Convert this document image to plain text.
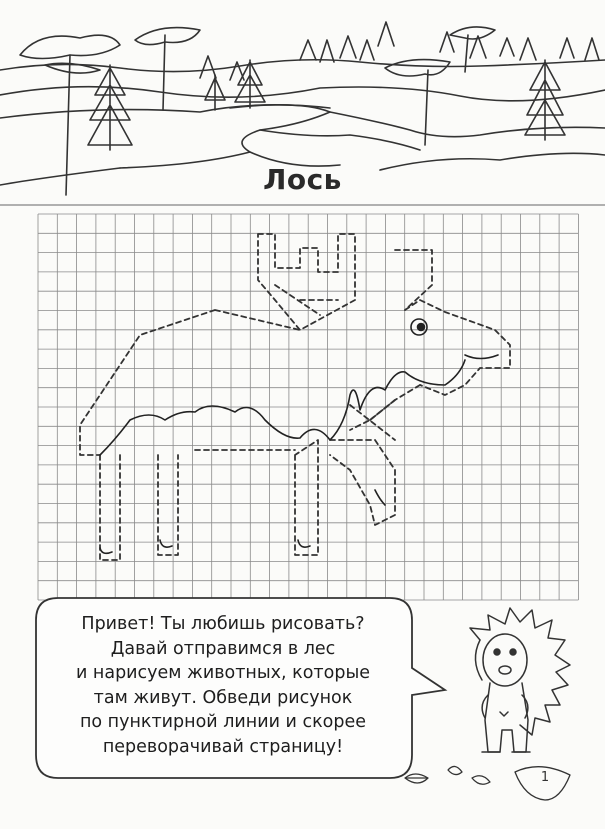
Лось
Привет! Ты любишь рисовать?
Давай отправимся в лес
и нарисуем животных, которые
там живут. Обведи рисунок
по пунктирной линии и скорее
переворачивай страницу!
1
